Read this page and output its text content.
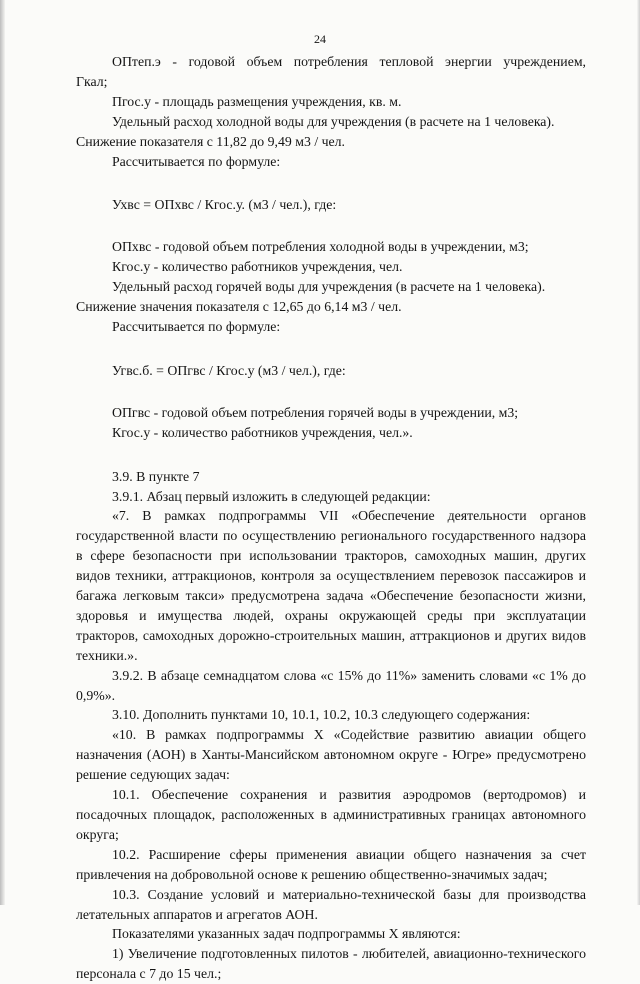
24

ОПтеп.э - годовой объем потребления тепловой энергии учреждением,

Гкал;

Пгос.у - площадь размещения учреждения, кв. м.

Удельный расход холодной воды для учреждения (в расчете на 1 человека).

Снижение показателя с 11,82 до 9,49 м3 / чел.

Рассчитывается по формуле:

Ухвс = ОПхвс / Кгос.у. (м3 / чел.), где:

ОПхвс - годовой объем потребления холодной воды в учреждении, м3;

Кгос.у - количество работников учреждения, чел.

Удельный расход горячей воды для учреждения (в расчете на 1 человека).

Снижение значения показателя с 12,65 до 6,14 м3 / чел.

Рассчитывается по формуле:

Угвс.б. = ОПгвс / Кгос.у (м3 / чел.), где:

ОПгвс - годовой объем потребления горячей воды в учреждении, м3;

Кгос.у - количество работников учреждения, чел.».

3.9. В пункте 7

3.9.1. Абзац первый изложить в следующей редакции:

«7. В рамках подпрограммы VII «Обеспечение деятельности органов государственной власти по осуществлению регионального государственного надзора в сфере безопасности при использовании тракторов, самоходных машин, других видов техники, аттракционов, контроля за осуществлением перевозок пассажиров и багажа легковым такси» предусмотрена задача «Обеспечение безопасности жизни, здоровья и имущества людей, охраны окружающей среды при эксплуатации тракторов, самоходных дорожно-строительных машин, аттракционов и других видов техники.».

3.9.2. В абзаце семнадцатом слова «с 15% до 11%» заменить словами «с 1% до 0,9%».

3.10. Дополнить пунктами 10, 10.1, 10.2, 10.3 следующего содержания:

«10. В рамках подпрограммы X «Содействие развитию авиации общего назначения (АОН) в Ханты-Мансийском автономном округе - Югре» предусмотрено решение седующих задач:

10.1. Обеспечение сохранения и развития аэродромов (вертодромов) и посадочных площадок, расположенных в административных границах автономного округа;

10.2. Расширение сферы применения авиации общего назначения за счет привлечения на добровольной основе к решению общественно-значимых задач;

10.3. Создание условий и материально-технической базы для производства летательных аппаратов и агрегатов АОН.

Показателями указанных задач подпрограммы X являются:

1) Увеличение подготовленных пилотов - любителей, авиационно-технического персонала с 7 до 15 чел.;
